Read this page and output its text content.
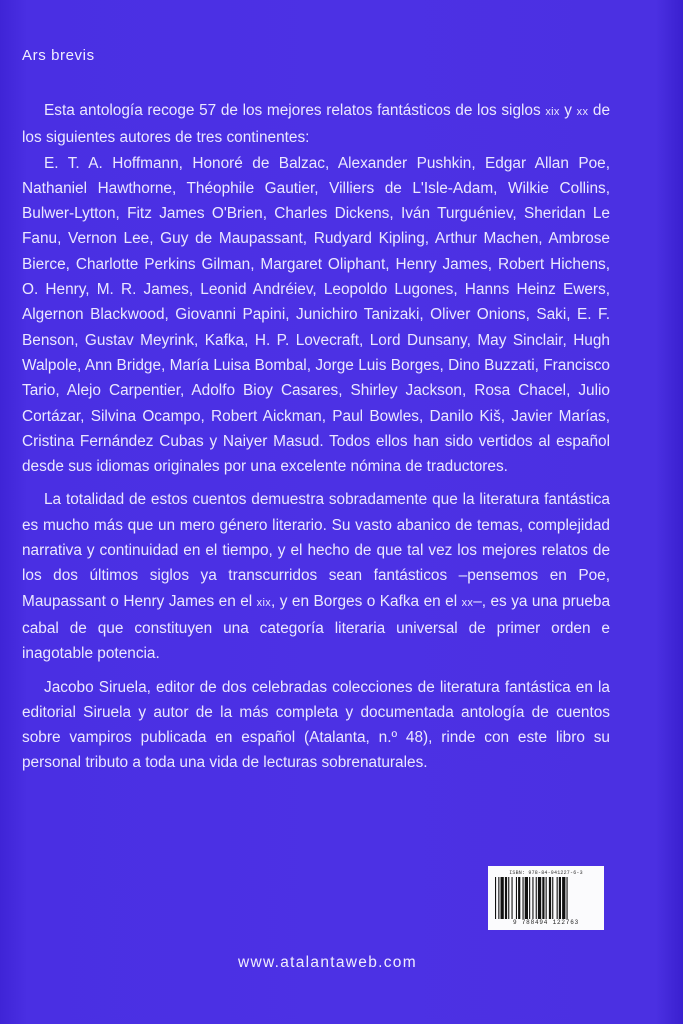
Ars brevis

Esta antología recoge 57 de los mejores relatos fantásticos de los siglos xix y xx de los siguientes autores de tres continentes:

E. T. A. Hoffmann, Honoré de Balzac, Alexander Pushkin, Edgar Allan Poe, Nathaniel Hawthorne, Théophile Gautier, Villiers de L'Isle-Adam, Wilkie Collins, Bulwer-Lytton, Fitz James O'Brien, Charles Dickens, Iván Turguéniev, Sheridan Le Fanu, Vernon Lee, Guy de Maupassant, Rudyard Kipling, Arthur Machen, Ambrose Bierce, Charlotte Perkins Gilman, Margaret Oliphant, Henry James, Robert Hichens, O. Henry, M. R. James, Leonid Andréiev, Leopoldo Lugones, Hanns Heinz Ewers, Algernon Blackwood, Giovanni Papini, Junichiro Tanizaki, Oliver Onions, Saki, E. F. Benson, Gustav Meyrink, Kafka, H. P. Lovecraft, Lord Dunsany, May Sinclair, Hugh Walpole, Ann Bridge, María Luisa Bombal, Jorge Luis Borges, Dino Buzzati, Francisco Tario, Alejo Carpentier, Adolfo Bioy Casares, Shirley Jackson, Rosa Chacel, Julio Cortázar, Silvina Ocampo, Robert Aickman, Paul Bowles, Danilo Kiš, Javier Marías, Cristina Fernández Cubas y Naiyer Masud. Todos ellos han sido vertidos al español desde sus idiomas originales por una excelente nómina de traductores.

La totalidad de estos cuentos demuestra sobradamente que la literatura fantástica es mucho más que un mero género literario. Su vasto abanico de temas, complejidad narrativa y continuidad en el tiempo, y el hecho de que tal vez los mejores relatos de los dos últimos siglos ya transcurridos sean fantásticos –pensemos en Poe, Maupassant o Henry James en el xix, y en Borges o Kafka en el xx–, es ya una prueba cabal de que constituyen una categoría literaria universal de primer orden e inagotable potencia.

Jacobo Siruela, editor de dos celebradas colecciones de literatura fantástica en la editorial Siruela y autor de la más completa y documentada antología de cuentos sobre vampiros publicada en español (Atalanta, n.º 48), rinde con este libro su personal tributo a toda una vida de lecturas sobrenaturales.

ISBN: 978-84-941227-6-3
9 788494 122763
www.atalantaweb.com
